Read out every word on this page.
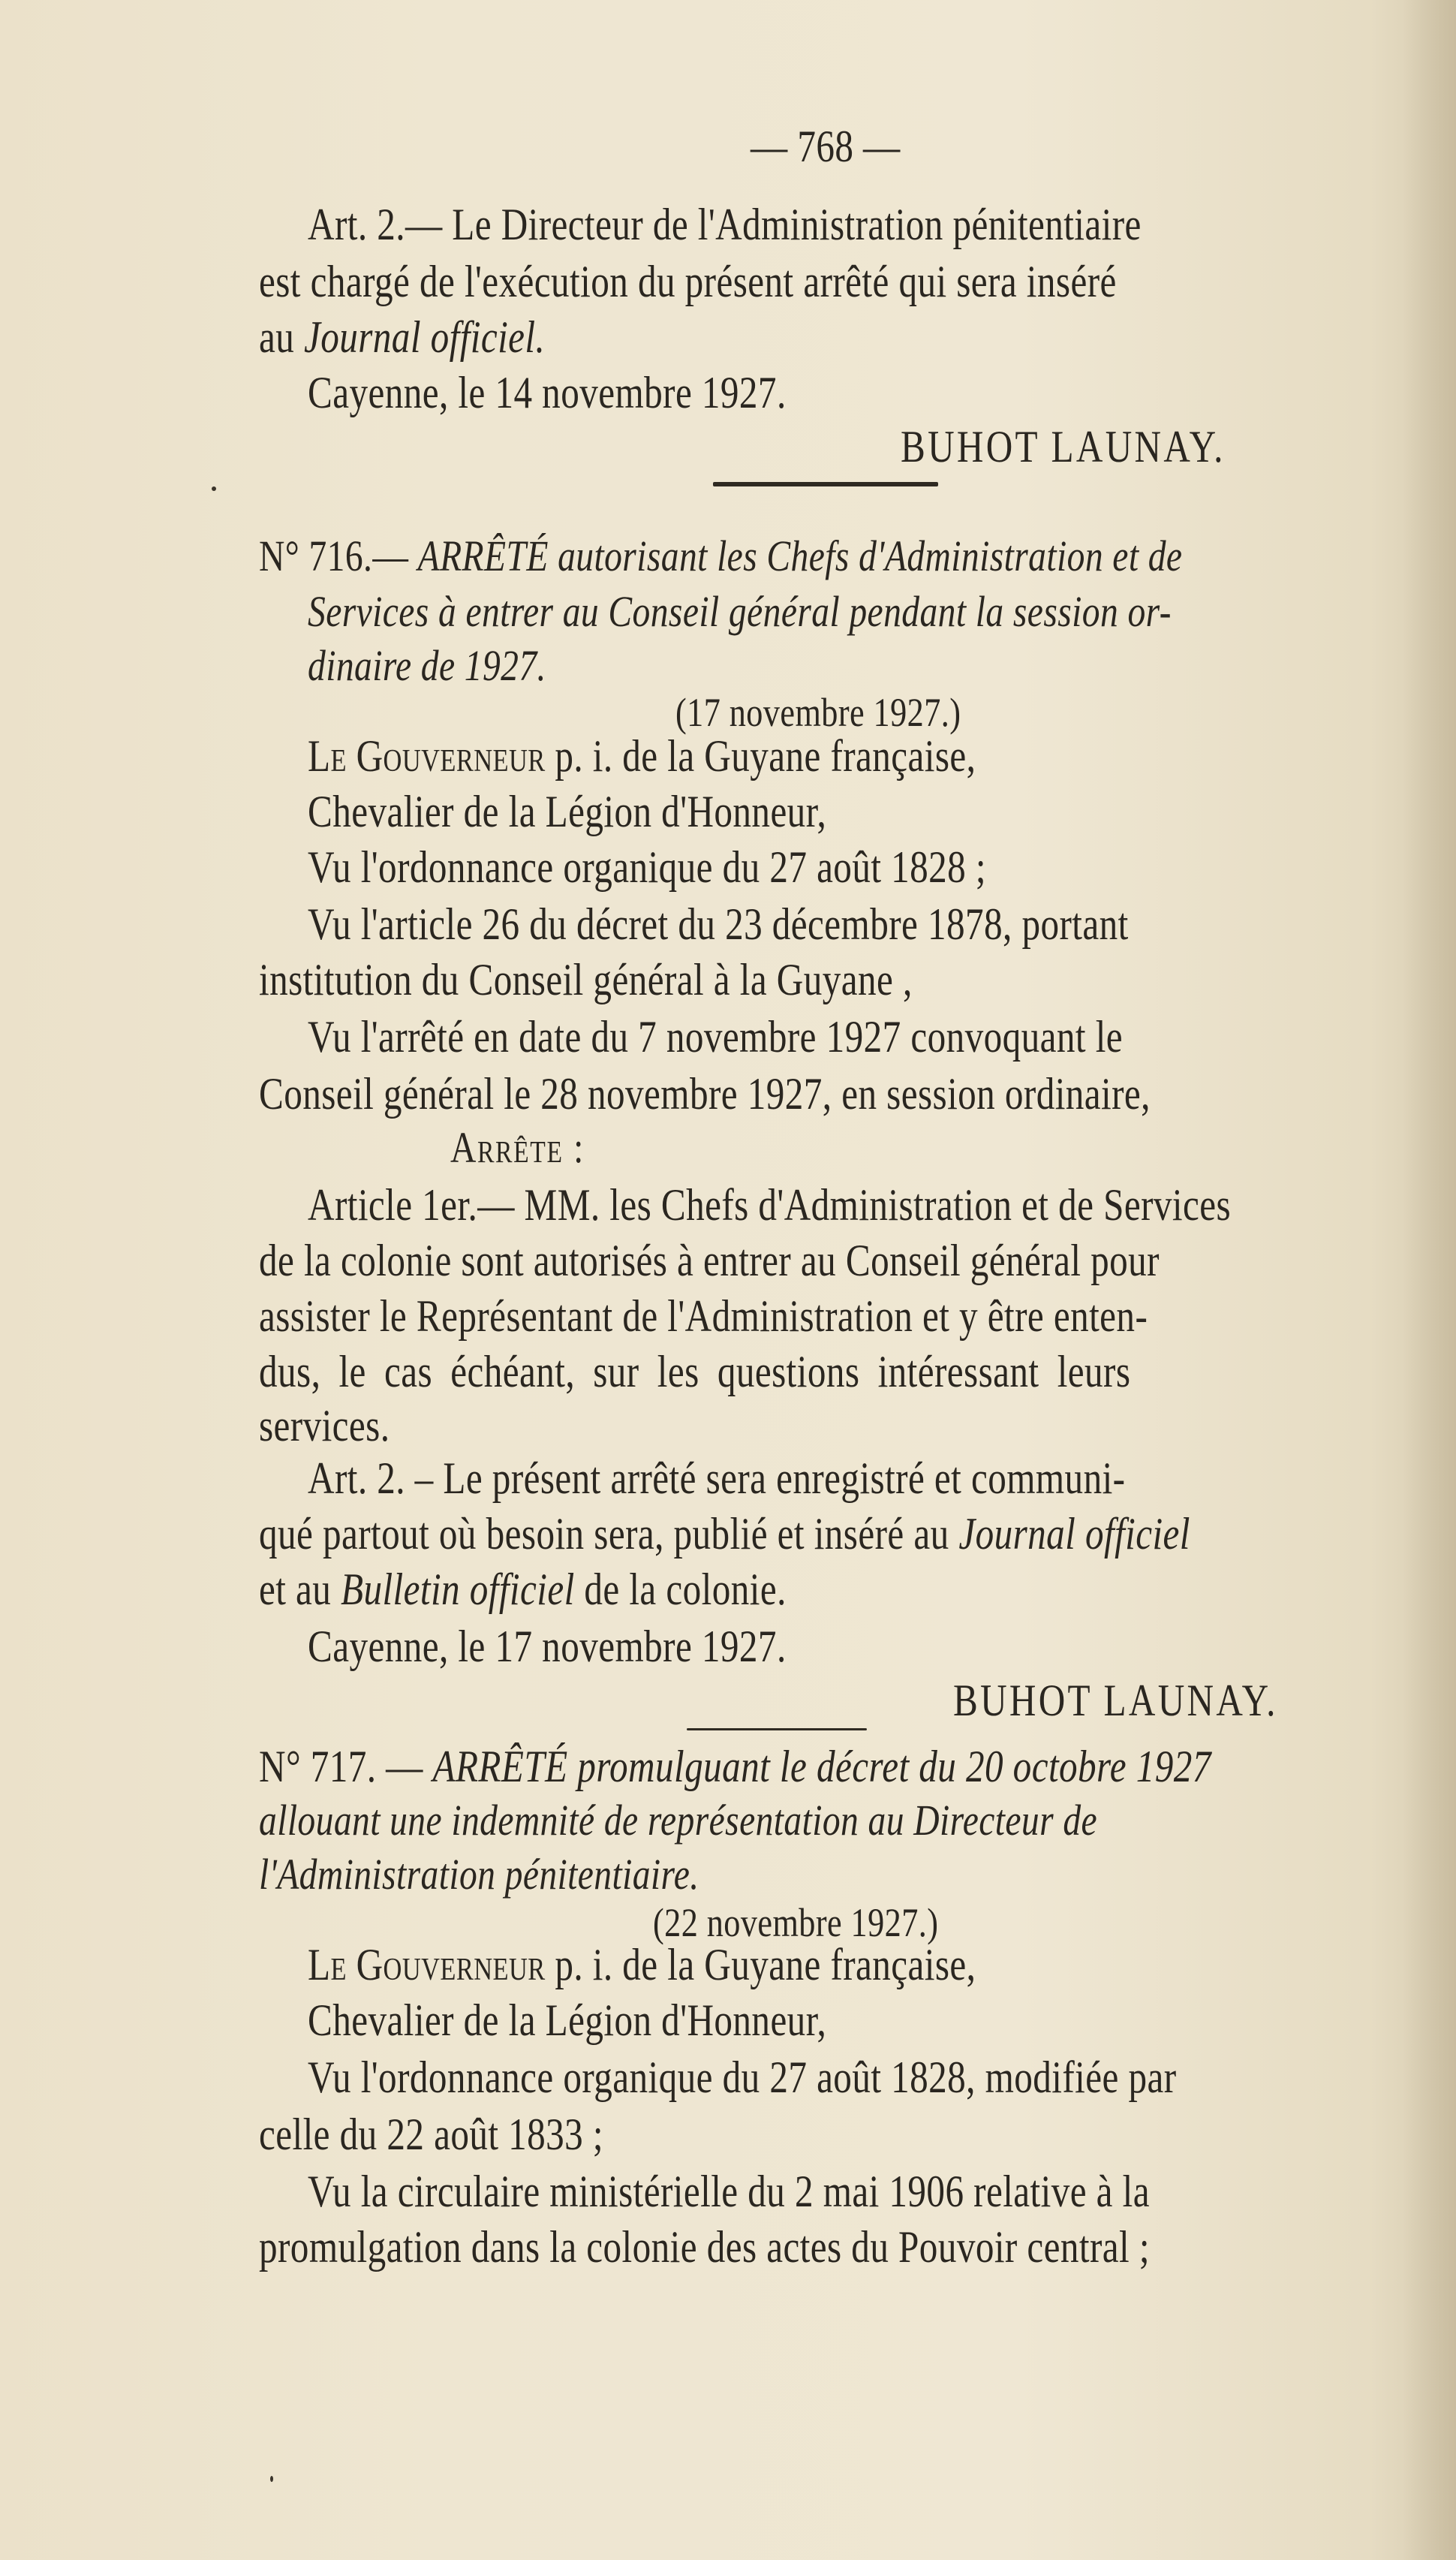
— 768 —
Art. 2.— Le Directeur de l'Administration pénitentiaire
est chargé de l'exécution du présent arrêté qui sera inséré
au Journal officiel.
Cayenne, le 14 novembre 1927.
BUHOT LAUNAY.
N° 716.— ARRÊTÉ autorisant les Chefs d'Administration et de
Services à entrer au Conseil général pendant la session or-
dinaire de 1927.
(17 novembre 1927.)
Le Gouverneur p. i. de la Guyane française,
Chevalier de la Légion d'Honneur,
Vu l'ordonnance organique du 27 août 1828 ;
Vu l'article 26 du décret du 23 décembre 1878, portant
institution du Conseil général à la Guyane ,
Vu l'arrêté en date du 7 novembre 1927 convoquant le
Conseil général le 28 novembre 1927, en session ordinaire,
Arrête :
Article 1er.— MM. les Chefs d'Administration et de Services
de la colonie sont autorisés à entrer au Conseil général pour
assister le Représentant de l'Administration et y être enten-
dus, le cas échéant, sur les questions intéressant leurs
services.
Art. 2. – Le présent arrêté sera enregistré et communi-
qué partout où besoin sera, publié et inséré au Journal officiel
et au Bulletin officiel de la colonie.
Cayenne, le 17 novembre 1927.
BUHOT LAUNAY.
N° 717. — ARRÊTÉ promulguant le décret du 20 octobre 1927
allouant une indemnité de représentation au Directeur de
l'Administration pénitentiaire.
(22 novembre 1927.)
Le Gouverneur p. i. de la Guyane française,
Chevalier de la Légion d'Honneur,
Vu l'ordonnance organique du 27 août 1828, modifiée par
celle du 22 août 1833 ;
Vu la circulaire ministérielle du 2 mai 1906 relative à la
promulgation dans la colonie des actes du Pouvoir central ;
